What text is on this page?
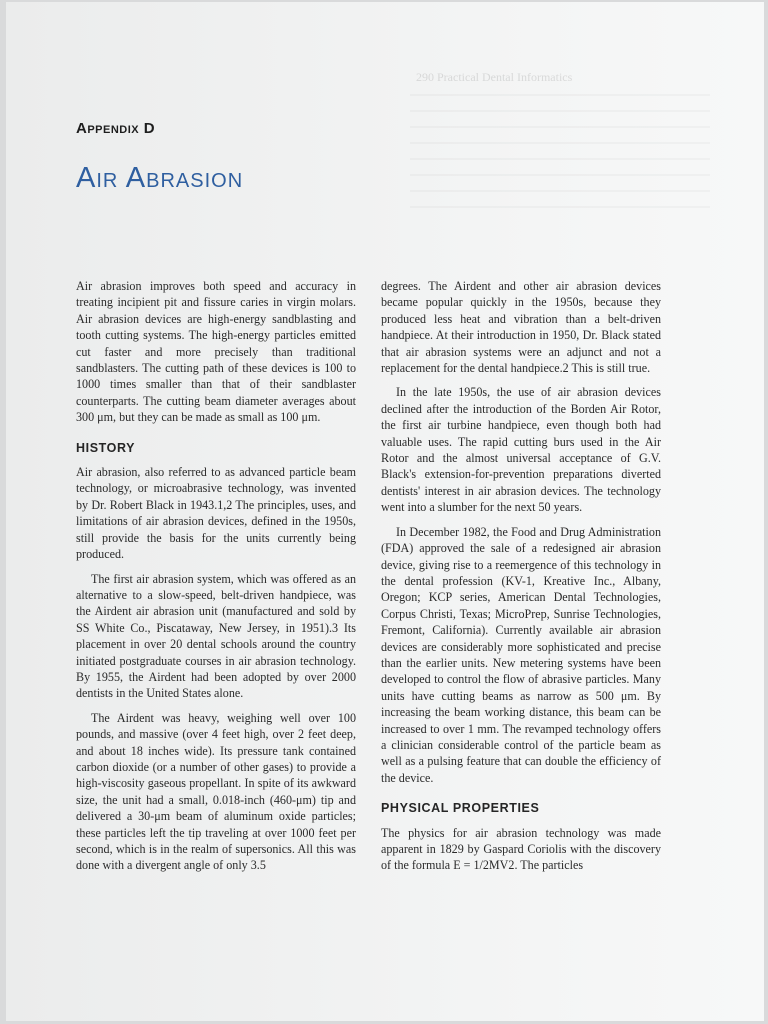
290 Practical Dental Informatics
Appendix D
Air Abrasion

Air abrasion improves both speed and accuracy in treating incipient pit and fissure caries in virgin molars. Air abrasion devices are high-energy sandblasting and tooth cutting systems. The high-energy particles emitted cut faster and more precisely than traditional sandblasters. The cutting path of these devices is 100 to 1000 times smaller than that of their sandblaster counterparts. The cutting beam diameter averages about 300 μm, but they can be made as small as 100 μm.

HISTORY

Air abrasion, also referred to as advanced particle beam technology, or microabrasive technology, was invented by Dr. Robert Black in 1943.1,2 The principles, uses, and limitations of air abrasion devices, defined in the 1950s, still provide the basis for the units currently being produced.

The first air abrasion system, which was offered as an alternative to a slow-speed, belt-driven handpiece, was the Airdent air abrasion unit (manufactured and sold by SS White Co., Piscataway, New Jersey, in 1951).3 Its placement in over 20 dental schools around the country initiated postgraduate courses in air abrasion technology. By 1955, the Airdent had been adopted by over 2000 dentists in the United States alone.

The Airdent was heavy, weighing well over 100 pounds, and massive (over 4 feet high, over 2 feet deep, and about 18 inches wide). Its pressure tank contained carbon dioxide (or a number of other gases) to provide a high-viscosity gaseous propellant. In spite of its awkward size, the unit had a small, 0.018-inch (460-μm) tip and delivered a 30-μm beam of aluminum oxide particles; these particles left the tip traveling at over 1000 feet per second, which is in the realm of supersonics. All this was done with a divergent angle of only 3.5

degrees. The Airdent and other air abrasion devices became popular quickly in the 1950s, because they produced less heat and vibration than a belt-driven handpiece. At their introduction in 1950, Dr. Black stated that air abrasion systems were an adjunct and not a replacement for the dental handpiece.2 This is still true.

In the late 1950s, the use of air abrasion devices declined after the introduction of the Borden Air Rotor, the first air turbine handpiece, even though both had valuable uses. The rapid cutting burs used in the Air Rotor and the almost universal acceptance of G.V. Black's extension-for-prevention preparations diverted dentists' interest in air abrasion devices. The technology went into a slumber for the next 50 years.

In December 1982, the Food and Drug Administration (FDA) approved the sale of a redesigned air abrasion device, giving rise to a reemergence of this technology in the dental profession (KV-1, Kreative Inc., Albany, Oregon; KCP series, American Dental Technologies, Corpus Christi, Texas; MicroPrep, Sunrise Technologies, Fremont, California). Currently available air abrasion devices are considerably more sophisticated and precise than the earlier units. New metering systems have been developed to control the flow of abrasive particles. Many units have cutting beams as narrow as 500 μm. By increasing the beam working distance, this beam can be increased to over 1 mm. The revamped technology offers a clinician considerable control of the particle beam as well as a pulsing feature that can double the efficiency of the device.

PHYSICAL PROPERTIES

The physics for air abrasion technology was made apparent in 1829 by Gaspard Coriolis with the discovery of the formula E = 1/2MV2. The particles
